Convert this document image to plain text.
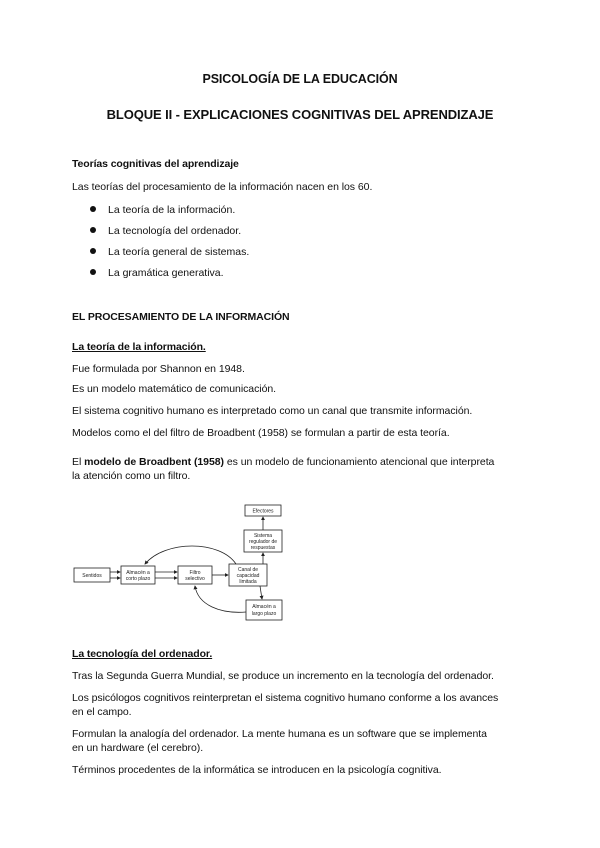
PSICOLOGÍA DE LA EDUCACIÓN
BLOQUE II - EXPLICACIONES COGNITIVAS DEL APRENDIZAJE
Teorías cognitivas del aprendizaje
Las teorías del procesamiento de la información nacen en los 60.
La teoría de la información.
La tecnología del ordenador.
La teoría general de sistemas.
La gramática generativa.
EL PROCESAMIENTO DE LA INFORMACIÓN
La teoría de la información.
Fue formulada por Shannon en 1948.
Es un modelo matemático de comunicación.
El sistema cognitivo humano es interpretado como un canal que transmite información.
Modelos como el del filtro de Broadbent (1958) se formulan a partir de esta teoría.
El modelo de Broadbent (1958) es un modelo de funcionamiento atencional que interpreta
la atención como un filtro.
Sentidos	Almacén a
corto plazo
Filtro
selectivo
Canal de
capacidad
limitada
Efectores
Sistema
regulador de
respuestas
Almacén a
largo plazo
La tecnología del ordenador.
Tras la Segunda Guerra Mundial, se produce un incremento en la tecnología del ordenador.
Los psicólogos cognitivos reinterpretan el sistema cognitivo humano conforme a los avances
en el campo.
Formulan la analogía del ordenador. La mente humana es un software que se implementa
en un hardware (el cerebro).
Términos procedentes de la informática se introducen en la psicología cognitiva.
